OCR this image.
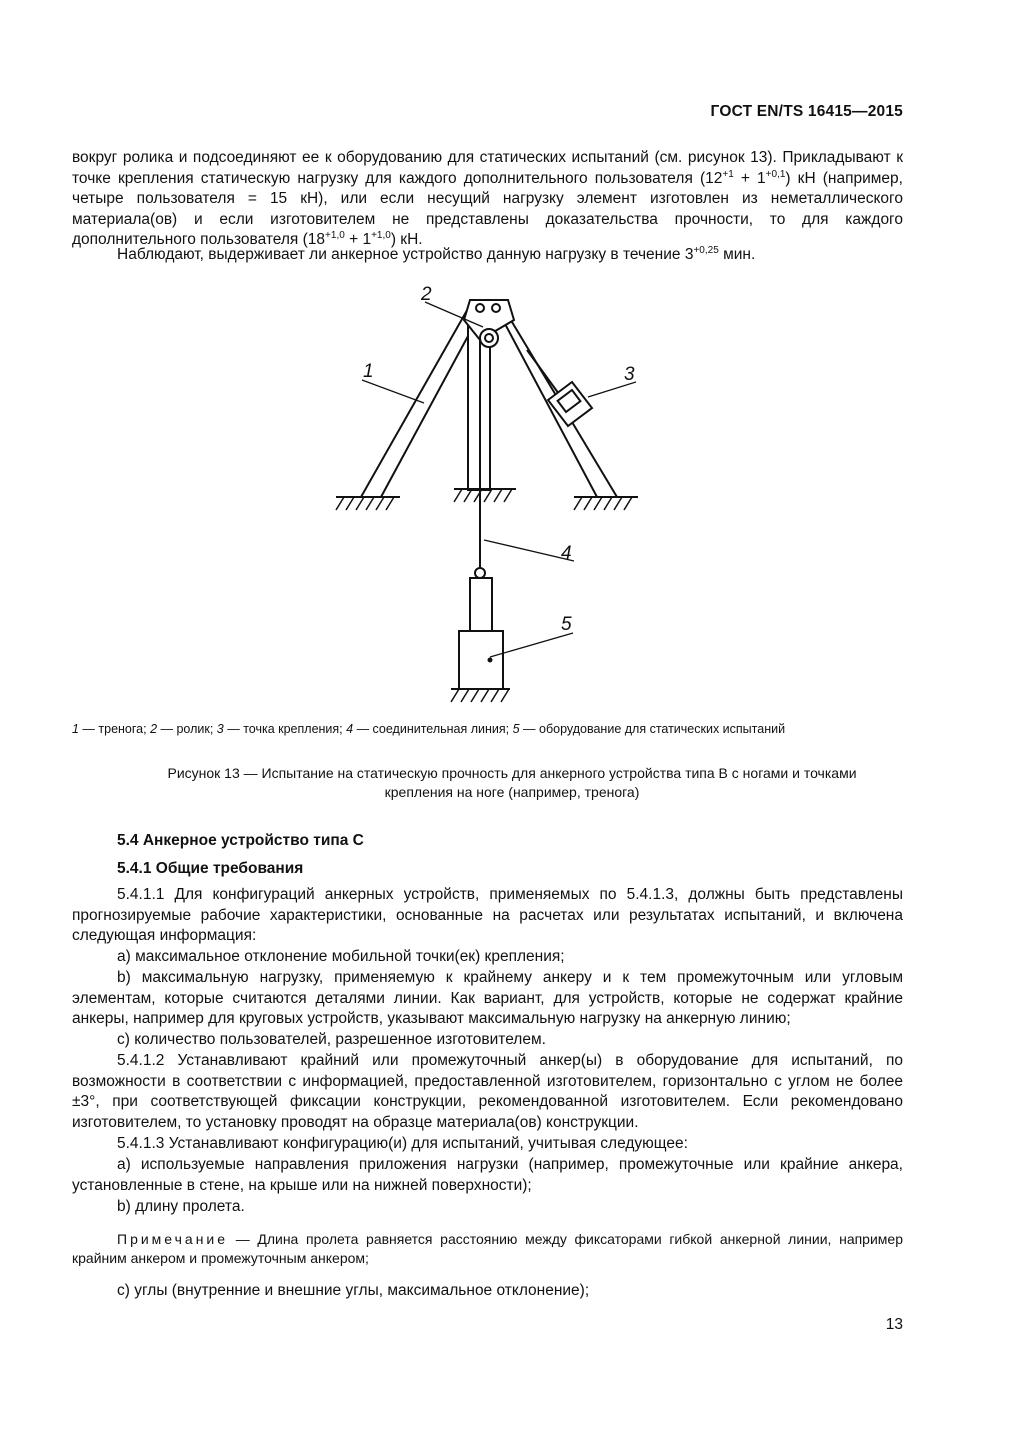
ГОСТ EN/TS 16415—2015
вокруг ролика и подсоединяют ее к оборудованию для статических испытаний (см. рисунок 13). Прикладывают к точке крепления статическую нагрузку для каждого дополнительного пользователя $(12^{+1} + 1^{+0,1})$ кН (например, четыре пользователя = 15 кН), или если несущий нагрузку элемент изготовлен из неметаллического материала(ов) и если изготовителем не представлены доказательства прочности, то для каждого дополнительного пользователя $(18^{+1,0} + 1^{+1,0})$ кН.
Наблюдают, выдерживает ли анкерное устройство данную нагрузку в течение $3^{+0,25}$ мин.
1
2
3
4
5
1 — тренога; 2 — ролик; 3 — точка крепления; 4 — соединительная линия; 5 — оборудование для статических испытаний
Рисунок 13 — Испытание на статическую прочность для анкерного устройства типа B с ногами и точками
крепления на ноге (например, тренога)
5.4 Анкерное устройство типа C
5.4.1 Общие требования
5.4.1.1 Для конфигураций анкерных устройств, применяемых по 5.4.1.3, должны быть представлены прогнозируемые рабочие характеристики, основанные на расчетах или результатах испытаний, и включена следующая информация:
a) максимальное отклонение мобильной точки(ек) крепления;
b) максимальную нагрузку, применяемую к крайнему анкеру и к тем промежуточным или угловым элементам, которые считаются деталями линии. Как вариант, для устройств, которые не содержат крайние анкеры, например для круговых устройств, указывают максимальную нагрузку на анкерную линию;
c) количество пользователей, разрешенное изготовителем.
5.4.1.2 Устанавливают крайний или промежуточный анкер(ы) в оборудование для испытаний, по возможности в соответствии с информацией, предоставленной изготовителем, горизонтально с углом не более ±3°, при соответствующей фиксации конструкции, рекомендованной изготовителем. Если рекомендовано изготовителем, то установку проводят на образце материала(ов) конструкции.
5.4.1.3 Устанавливают конфигурацию(и) для испытаний, учитывая следующее:
a) используемые направления приложения нагрузки (например, промежуточные или крайние анкера, установленные в стене, на крыше или на нижней поверхности);
b) длину пролета.
Примечание — Длина пролета равняется расстоянию между фиксаторами гибкой анкерной линии, например крайним анкером и промежуточным анкером;
c) углы (внутренние и внешние углы, максимальное отклонение);
13
